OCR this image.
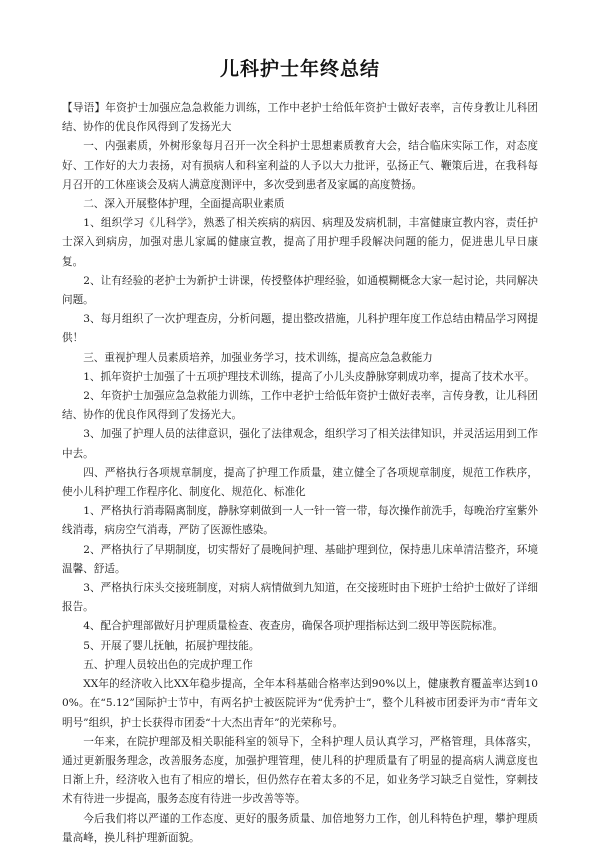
儿科护士年终总结

【导语】年资护士加强应急急救能力训练，工作中老护士给低年资护士做好表率，言传身教让儿科团结、协作的优良作风得到了发扬光大

一、内强素质，外树形象每月召开一次全科护士思想素质教育大会，结合临床实际工作，对态度好、工作好的大力表扬，对有损病人和科室利益的人予以大力批评，弘扬正气、鞭策后进，在我科每月召开的工休座谈会及病人满意度测评中，多次受到患者及家属的高度赞扬。

二、深入开展整体护理，全面提高职业素质

1、组织学习《儿科学》，熟悉了相关疾病的病因、病理及发病机制，丰富健康宣教内容，责任护士深入到病房，加强对患儿家属的健康宣教，提高了用护理手段解决问题的能力，促进患儿早日康复。

2、让有经验的老护士为新护士讲课，传授整体护理经验，如通模糊概念大家一起讨论，共同解决问题。

3、每月组织了一次护理查房，分析问题，提出整改措施，儿科护理年度工作总结由精品学习网提供！

三、重视护理人员素质培养，加强业务学习，技术训练，提高应急急救能力

1、抓年资护士加强了十五项护理技术训练，提高了小儿头皮静脉穿刺成功率，提高了技术水平。

2、年资护士加强应急急救能力训练，工作中老护士给低年资护士做好表率，言传身教，让儿科团结、协作的优良作风得到了发扬光大。

3、加强了护理人员的法律意识，强化了法律观念，组织学习了相关法律知识，并灵活运用到工作中去。

四、严格执行各项规章制度，提高了护理工作质量，建立健全了各项规章制度，规范工作秩序，使小儿科护理工作程序化、制度化、规范化、标准化

1、严格执行消毒隔离制度，静脉穿刺做到一人一针一管一带，每次操作前洗手，每晚治疗室紫外线消毒，病房空气消毒，严防了医源性感染。

2、严格执行了早期制度，切实帮好了晨晚间护理、基础护理到位，保持患儿床单清洁整齐，环境温馨、舒适。

3、严格执行床头交接班制度，对病人病情做到九知道，在交接班时由下班护士给护士做好了详细报告。

4、配合护理部做好月护理质量检查、夜查房，确保各项护理指标达到二级甲等医院标准。

5、开展了婴儿抚触，拓展护理技能。

五、护理人员较出色的完成护理工作

XX年的经济收入比XX年稳步提高，全年本科基础合格率达到90%以上，健康教育覆盖率达到100%。在“5.12”国际护士节中，有两名护士被医院评为“优秀护士”，整个儿科被市团委评为市“青年文明号”组织，护士长获得市团委“十大杰出青年”的光荣称号。

一年来，在院护理部及相关职能科室的领导下，全科护理人员认真学习，严格管理，具体落实，通过更新服务理念，改善服务态度，加强护理管理，使儿科的护理质量有了明显的提高病人满意度也日渐上升，经济收入也有了相应的增长，但仍然存在着太多的不足，如业务学习缺乏自觉性，穿刺技术有待进一步提高，服务态度有待进一步改善等等。

今后我们将以严谨的工作态度、更好的服务质量、加倍地努力工作，创儿科特色护理，攀护理质量高峰，换儿科护理新面貌。
